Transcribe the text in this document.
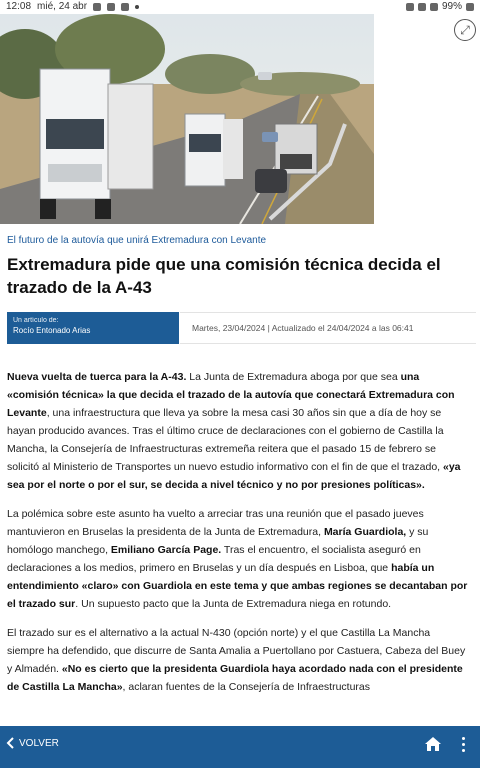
12:08 mié, 24 abr	99%
⤢
El futuro de la autovía que unirá Extremadura con Levante
Extremadura pide que una comisión técnica decida el trazado de la A-43
Un artículo de:
Rocío Entonado Arias	Martes, 23/04/2024 | Actualizado el 24/04/2024 a las 06:41

Nueva vuelta de tuerca para la A-43. La Junta de Extremadura aboga por que sea una «comisión técnica» la que decida el trazado de la autovía que conectará Extremadura con Levante, una infraestructura que lleva ya sobre la mesa casi 30 años sin que a día de hoy se hayan producido avances. Tras el último cruce de declaraciones con el gobierno de Castilla la Mancha, la Consejería de Infraestructuras extremeña reitera que el pasado 15 de febrero se solicitó al Ministerio de Transportes un nuevo estudio informativo con el fin de que el trazado, «ya sea por el norte o por el sur, se decida a nivel técnico y no por presiones políticas».

La polémica sobre este asunto ha vuelto a arreciar tras una reunión que el pasado jueves mantuvieron en Bruselas la presidenta de la Junta de Extremadura, María Guardiola, y su homólogo manchego, Emiliano García Page. Tras el encuentro, el socialista aseguró en declaraciones a los medios, primero en Bruselas y un día después en Lisboa, que había un entendimiento «claro» con Guardiola en este tema y que ambas regiones se decantaban por el trazado sur. Un supuesto pacto que la Junta de Extremadura niega en rotundo.

El trazado sur es el alternativo a la actual N-430 (opción norte) y el que Castilla La Mancha siempre ha defendido, que discurre de Santa Amalia a Puertollano por Castuera, Cabeza del Buey y Almadén. «No es cierto que la presidenta Guardiola haya acordado nada con el presidente de Castilla La Mancha», aclaran fuentes de la Consejería de Infraestructuras

VOLVER
